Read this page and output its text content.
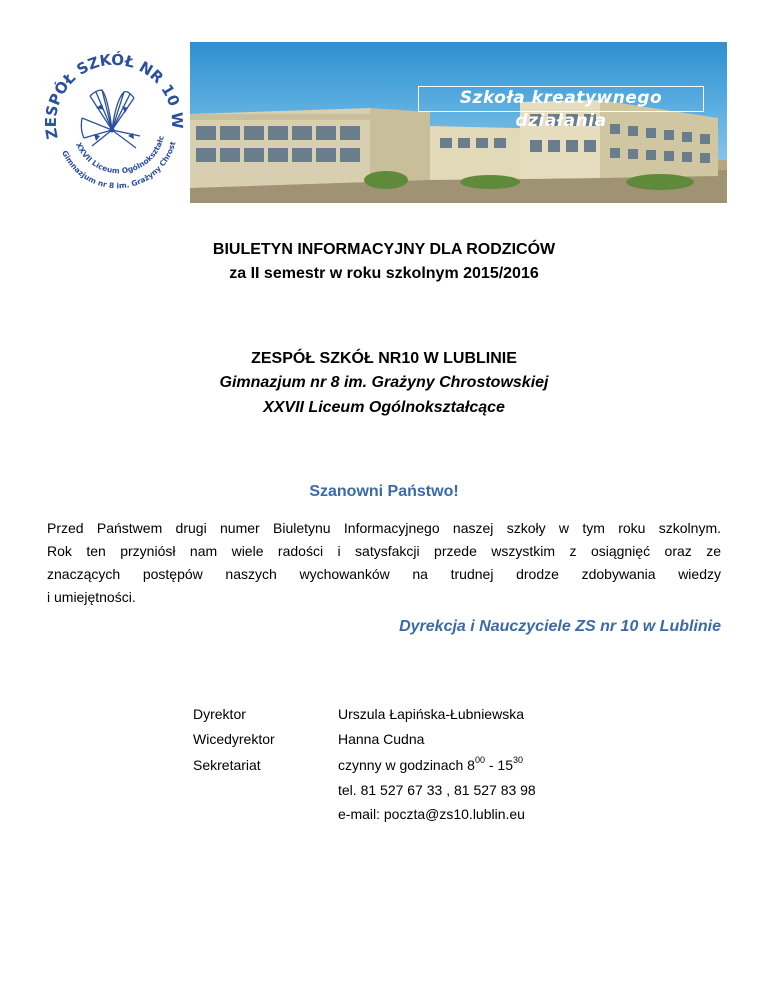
ZESPÓŁ SZKÓŁ NR 10 W
XXVII Liceum Ogólnokształc
Gimnazjum nr 8 im. Grażyny Chrost
Szkoła kreatywnego działania
BIULETYN INFORMACYJNY DLA RODZICÓW
za II semestr w roku szkolnym 2015/2016
ZESPÓŁ SZKÓŁ NR10 W LUBLINIE
Gimnazjum nr 8 im. Grażyny Chrostowskiej
XXVII Liceum Ogólnokształcące
Szanowni Państwo!
Przed Państwem drugi numer Biuletynu Informacyjnego naszej szkoły w tym roku szkolnym.
Rok ten przyniósł nam wiele radości i satysfakcji przede wszystkim z osiągnięć oraz ze
znaczących postępów naszych wychowanków na trudnej drodze zdobywania wiedzy
i umiejętności.
Dyrekcja i Nauczyciele ZS nr 10 w Lublinie
Dyrektor	Urszula Łapińska-Łubniewska
Wicedyrektor	Hanna Cudna
Sekretariat	czynny w godzinach $8^{00} - 15^{30}$
tel. 81 527 67 33 , 81 527 83 98
e-mail: poczta@zs10.lublin.eu
